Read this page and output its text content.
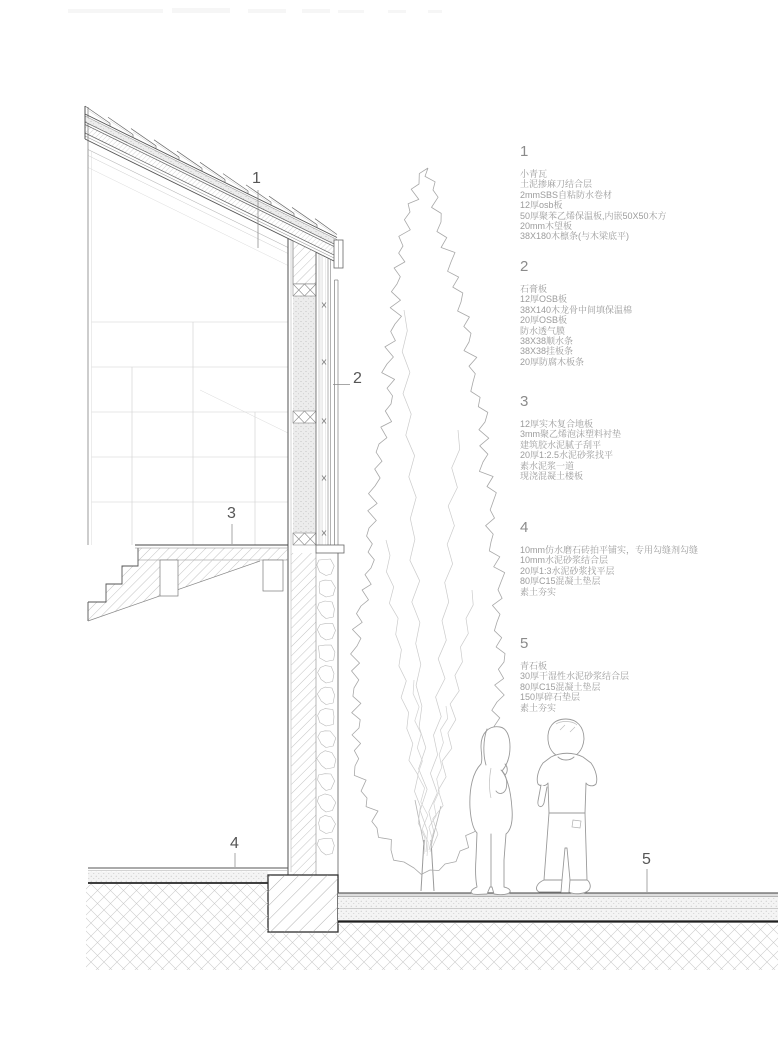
1
2
3
4
5
1
小青瓦
土泥掺麻刀结合层
2mmSBS自粘防水卷材
12厚osb板
50厚聚苯乙烯保温板,内嵌50X50木方
20mm木望板
38X180木檩条(与木梁底平)
2
石膏板
12厚OSB板
38X140木龙骨中间填保温棉
20厚OSB板
防水透气膜
38X38顺水条
38X38挂板条
20厚防腐木板条
3
12厚实木复合地板
3mm聚乙烯泡沫塑料衬垫
建筑胶水泥腻子刮平
20厚1:2.5水泥砂浆找平
素水泥浆一道
现浇混凝土楼板
4
10mm仿水磨石砖拍平铺实，专用勾缝剂勾缝
10mm水泥砂浆结合层
20厚1:3水泥砂浆找平层
80厚C15混凝土垫层
素土夯实
5
青石板
30厚干湿性水泥砂浆结合层
80厚C15混凝土垫层
150厚碎石垫层
素土夯实
